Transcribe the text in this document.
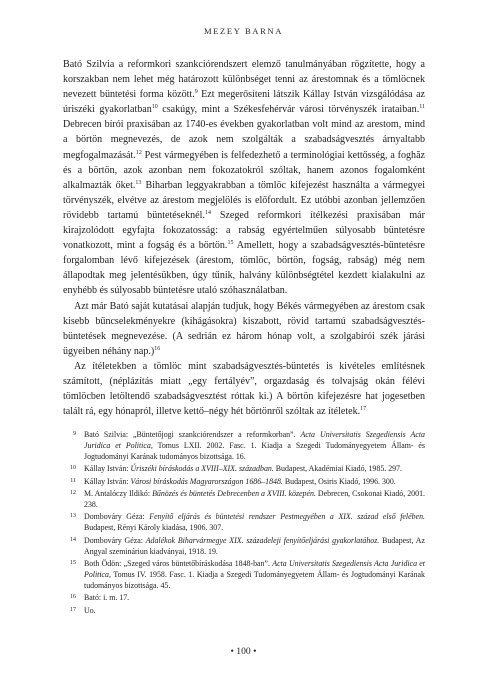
MEZEY BARNA

Bató Szilvia a reformkori szankciórendszert elemző tanulmányában rögzítette, hogy a korszakban nem lehet még határozott különbséget tenni az árestomnak és a tömlöcnek nevezett büntetési forma között.$^9$ Ezt megerősíteni látszik Kállay István vizsgálódása az úriszéki gyakorlatban$^{10}$ csakúgy, mint a Székesfehérvár városi törvényszék irataiban.$^{11}$ Debrecen bírói praxisában az 1740-es években gyakorlatban volt mind az arestom, mind a börtön megnevezés, de azok nem szolgálták a szabadságvesztés árnyaltabb megfogalmazását.$^{12}$ Pest vármegyében is felfedezhető a terminológiai kettősség, a foghăz és a börtön, azok azonban nem fokozatokról szóltak, hanem azonos fogalomként alkalmazták őket.$^{13}$ Biharban leggyakrabban a tömlöc kifejezést használta a vármegyei törvényszék, elvétve az árestom megjelölés is előfordult. Ez utóbbi azonban jellemzően rövidebb tartamú büntetéseknél.$^{14}$ Szeged reformkori ítélkezési praxisában már kirajzolódott egyfajta fokozatosság: a rabság egyértelműen súlyosabb büntetésre vonatkozott, mint a fogság és a börtön.$^{15}$ Amellett, hogy a szabadságvesztés-büntetésre forgalomban lévő kifejezések (árestom, tömlöc, börtön, fogság, rabság) még nem állapodtak meg jelentésükben, úgy tűnik, halvány különbségtétel kezdett kialakulni az enyhébb és súlyosabb büntetésre utaló szóhasználatban.

Azt már Bató saját kutatásai alapján tudjuk, hogy Békés vármegyében az árestom csak kisebb bűncselekményekre (kihágásokra) kiszabott, rövid tartamú szabadságvesztés-büntetések megnevezése. (A sedrián ez három hónap volt, a szolgabírói szék járási ügyeiben néhány nap.)$^{16}$

Az ítéletekben a tömlöc mint szabadságvesztés-büntetés is kivételes említésnek számított, (néplázítás miatt „egy fertályév”, orgazdaság és tolvajság okán félévi tömlöcben letöltendő szabadságvesztést róttak ki.) A börtön kifejezésre hat jogesetben talált rá, egy hónapról, illetve kettő–négy hét börtönről szóltak az ítéletek.$^{17}$

9 Bató Szilvia: „Büntetőjogi szankciórendszer a reformkorban”. Acta Universitatis Szegediensis Acta Juridica et Politica, Tomus LXII. 2002. Fasc. 1. Kiadja a Szegedi Tudományegyetem Állam- és Jogtudományi Karának tudományos bizottsága. 16.
10 Kállay István: Úriszéki bíráskodás a XVIII–XIX. században. Budapest, Akadémiai Kiadó, 1985. 297.
11 Kállay István: Városi bíráskodás Magyarországon 1686–1848. Budapest, Osiris Kiadó, 1996. 300.
12 M. Antalóczy Ildikó: Bűnözés és büntetés Debrecenben a XVIII. közepén. Debrecen, Csokonai Kiadó, 2001. 238.
13 Dombováry Géza: Fenyítő eljárás és büntetési rendszer Pestmegyében a XIX. század első felében. Budapest, Rényi Károly kiadása, 1906. 307.
14 Dombováry Géza: Adalékok Biharvármegye XIX. századeleji fenyítőeljárási gyakorlatához. Budapest, Az Angyal szemináriun kiadványai, 1918. 19.
15 Both Ödön: „Szeged város büntetőbíráskodása 1848-ban”. Acta Universitatis Szegediensis Acta Juridica et Politica, Tomus IV. 1958. Fasc. 1. Kiadja a Szegedi Tudományegyetem Állam- és Jogtudományi Karának tudományos bizottsága. 45.
16 Bató: i. m. 17.
17 Uo.
• 100 •
